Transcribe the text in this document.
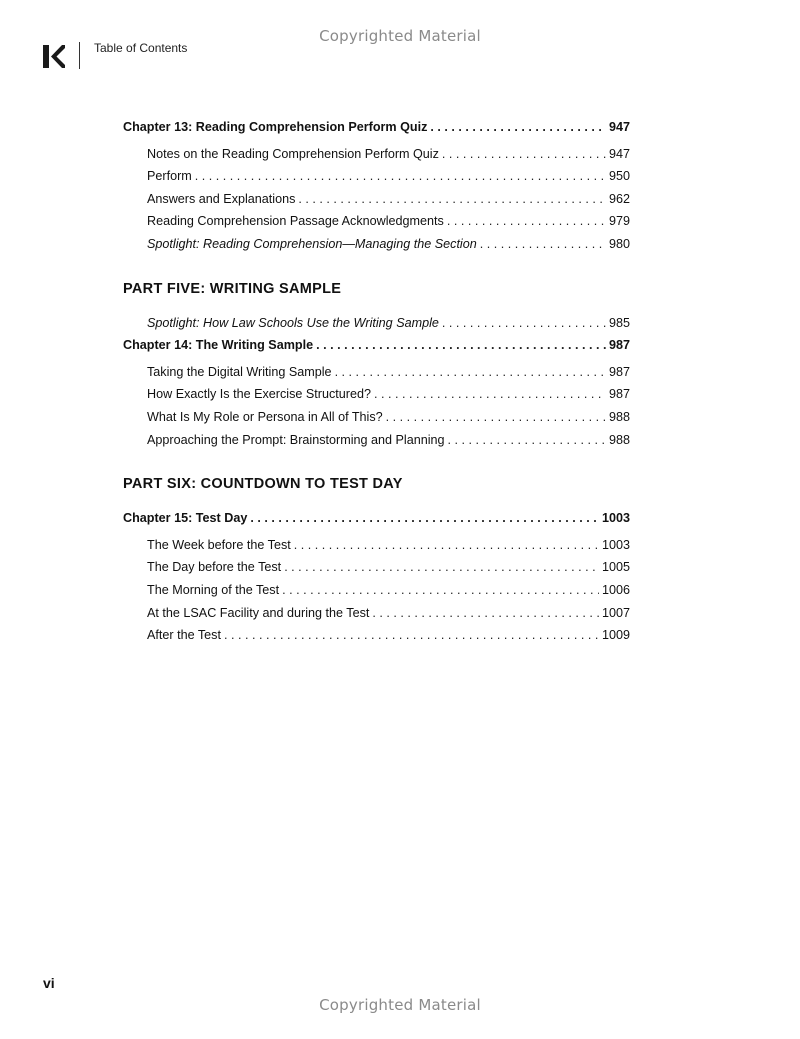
Copyrighted Material
Table of Contents
Chapter 13: Reading Comprehension Perform Quiz . . .	947
Notes on the Reading Comprehension Perform Quiz . . .	947
Perform . . .	950
Answers and Explanations . . .	962
Reading Comprehension Passage Acknowledgments . . .	979
Spotlight: Reading Comprehension—Managing the Section . . .	980
PART FIVE: WRITING SAMPLE
Spotlight: How Law Schools Use the Writing Sample . . .	985
Chapter 14: The Writing Sample . . .	987
Taking the Digital Writing Sample . . .	987
How Exactly Is the Exercise Structured? . . .	987
What Is My Role or Persona in All of This? . . .	988
Approaching the Prompt: Brainstorming and Planning . . .	988
PART SIX: COUNTDOWN TO TEST DAY
Chapter 15: Test Day . . .	1003
The Week before the Test . . .	1003
The Day before the Test . . .	1005
The Morning of the Test . . .	1006
At the LSAC Facility and during the Test . . .	1007
After the Test . . .	1009
vi
Copyrighted Material
